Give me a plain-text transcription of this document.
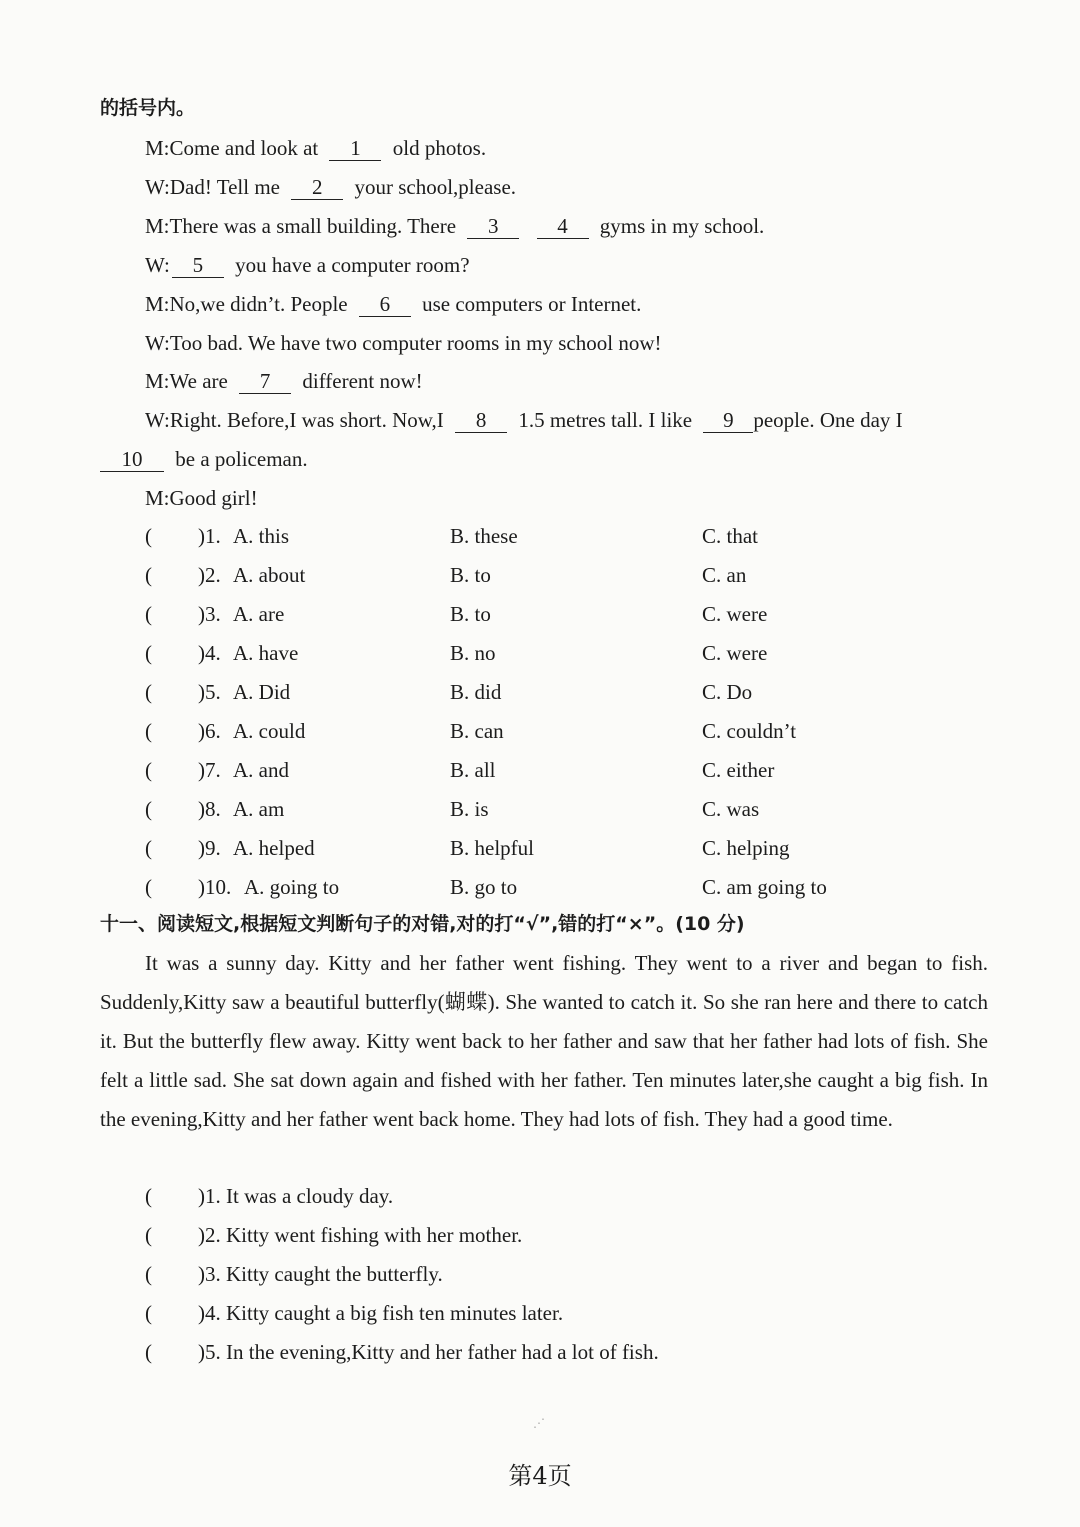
的括号内。
M:Come and look at 1 old photos.
W:Dad! Tell me 2 your school,please.
M:There was a small building. There 3	4 gyms in my school.
W: 5 you have a computer room?
M:No,we didn’t. People 6 use computers or Internet.
W:Too bad. We have two computer rooms in my school now!
M:We are 7 different now!
W:Right. Before,I was short. Now,I 8 1.5 metres tall. I like 9 people. One day I
10 be a policeman.
M:Good girl!
( )1. A. this	B. these	C. that
( )2. A. about	B. to	C. an
( )3. A. are	B. to	C. were
( )4. A. have	B. no	C. were
( )5. A. Did	B. did	C. Do
( )6. A. could	B. can	C. couldn’t
( )7. A. and	B. all	C. either
( )8. A. am	B. is	C. was
( )9. A. helped	B. helpful	C. helping
( )10. A. going to	B. go to	C. am going to
十一、阅读短文,根据短文判断句子的对错,对的打“√”,错的打“×”。(10 分)
It was a sunny day. Kitty and her father went fishing. They went to a river and began to fish. Suddenly,Kitty saw a beautiful butterfly(蝴蝶). She wanted to catch it. So she ran here and there to catch it. But the butterfly flew away. Kitty went back to her father and saw that her father had lots of fish. She felt a little sad. She sat down again and fished with her father. Ten minutes later,she caught a big fish. In the evening,Kitty and her father went back home. They had lots of fish. They had a good time.
( )1. It was a cloudy day.
( )2. Kitty went fishing with her mother.
( )3. Kitty caught the butterfly.
( )4. Kitty caught a big fish ten minutes later.
( )5. In the evening,Kitty and her father had a lot of fish.
⋰
第4页
